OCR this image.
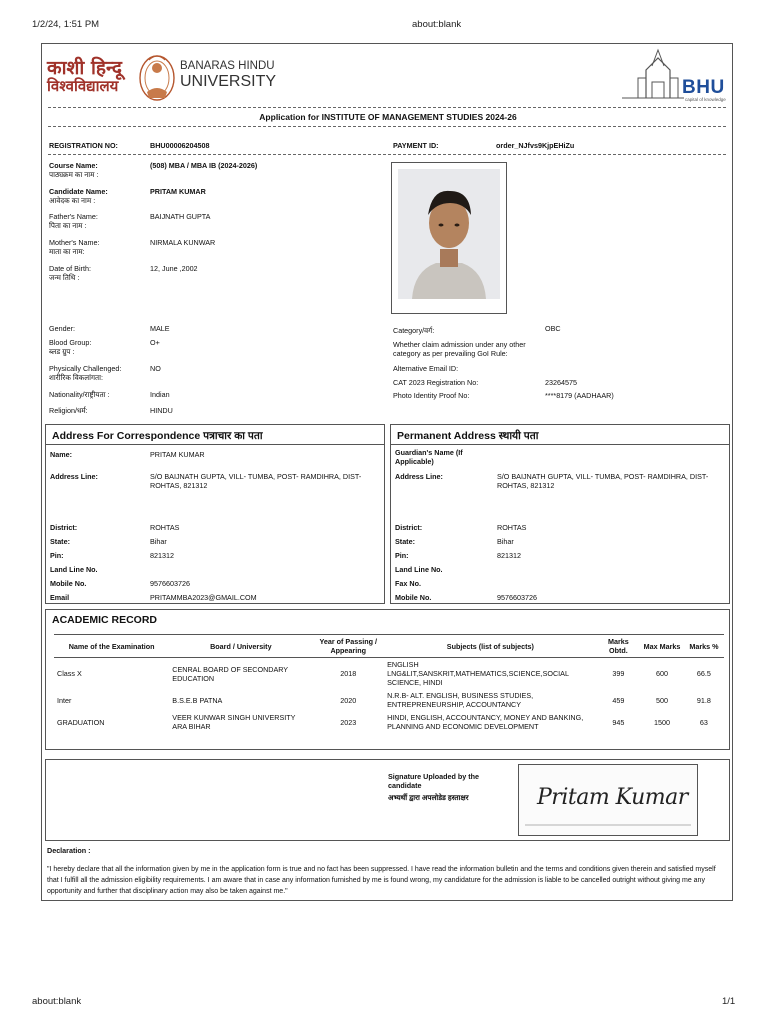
1/2/24, 1:51 PM	about:blank
about:blank	1/1
काशी हिन्दू
विश्वविद्यालय
BANARAS HINDU
UNIVERSITY	BHU
capital of knowledge
Application for INSTITUTE OF MANAGEMENT STUDIES 2024-26
REGISTRATION NO:	BHU00006204508	PAYMENT ID:	order_NJfvs9KjpEHiZu
Course Name:
पाठ्यक्रम का नाम :
(508) MBA / MBA IB (2024-2026)
Candidate Name:
आवेदक का नाम :
PRITAM KUMAR
Father's Name:
पिता का नाम :
BAIJNATH GUPTA
Mother's Name:
माता का नाम:
NIRMALA KUNWAR
Date of Birth:
जन्म तिथि :
12, June ,2002
Gender:	MALE
Blood Group:
ब्लड ग्रुप :
O+
Physically Challenged:
शारीरिक विकलांगता:
NO
Nationality/राष्ट्रीयता :	Indian
Religion/धर्म:	HINDU
Category/वर्ग:	OBC
Whether claim admission under any other category as per prevailing GoI Rule:
Alternative Email ID:
CAT 2023 Registration No:	23264575
Photo Identity Proof No:	****8179 (AADHAAR)
Address For Correspondence पत्राचार का पता
Name:	PRITAM KUMAR
Address Line:	S/O BAIJNATH GUPTA, VILL- TUMBA, POST- RAMDIHRA, DIST- ROHTAS, 821312
District:	ROHTAS
State:	Bihar
Pin:	821312
Land Line No.
Mobile No.	9576603726
Email	PRITAMMBA2023@GMAIL.COM
Permanent Address स्थायी पता
Guardian's Name (If Applicable)
Address Line:	S/O BAIJNATH GUPTA, VILL- TUMBA, POST- RAMDIHRA, DIST- ROHTAS, 821312
District:	ROHTAS
State:	Bihar
Pin:	821312
Land Line No.
Fax No.
Mobile No.	9576603726
ACADEMIC RECORD
Name of the Examination	Board / University	Year of Passing / Appearing	Subjects (list of subjects)	Marks Obtd.	Max Marks	Marks %
Class X	CENRAL BOARD OF SECONDARY EDUCATION	2018	ENGLISH LNG&LIT,SANSKRIT,MATHEMATICS,SCIENCE,SOCIAL SCIENCE, HINDI	399	600	66.5
Inter	B.S.E.B PATNA	2020	N.R.B- ALT. ENGLISH, BUSINESS STUDIES, ENTREPRENEURSHIP, ACCOUNTANCY	459	500	91.8
GRADUATION	VEER KUNWAR SINGH UNIVERSITY ARA BIHAR	2023	HINDI, ENGLISH, ACCOUNTANCY, MONEY AND BANKING, PLANNING AND ECONOMIC DEVELOPMENT	945	1500	63
Signature Uploaded by the candidate
अभ्यर्थी द्वारा अपलोडेड हस्ताक्षर	Pritam Kumar
Declaration :
"I hereby declare that all the information given by me in the application form is true and no fact has been suppressed. I have read the information bulletin and the terms and conditions given therein and satisfied myself that I fulfill all the admission eligibility requirements. I am aware that in case any information furnished by me is found wrong, my candidature for the admission is liable to be cancelled outright without giving me any opportunity and further that disciplinary action may also be taken against me."
